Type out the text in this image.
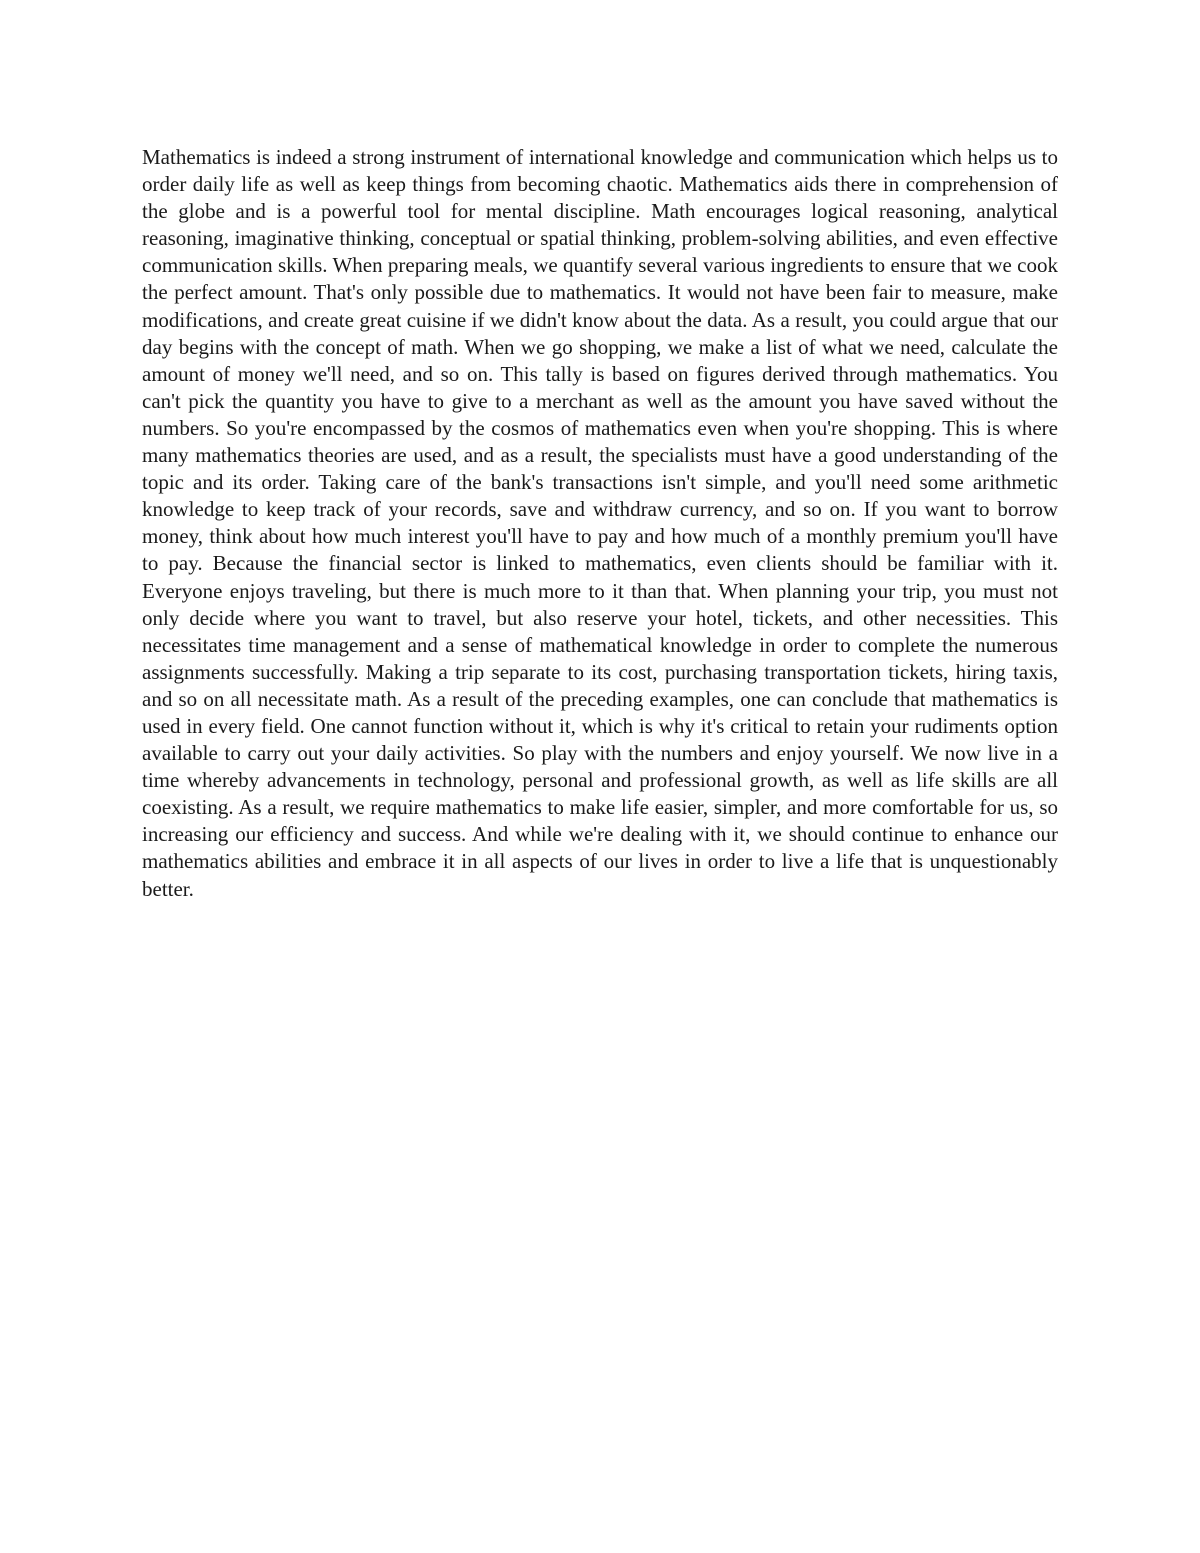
Mathematics is indeed a strong instrument of international knowledge and communication which helps us to order daily life as well as keep things from becoming chaotic. Mathematics aids there in comprehension of the globe and is a powerful tool for mental discipline. Math encourages logical reasoning, analytical reasoning, imaginative thinking, conceptual or spatial thinking, problem-solving abilities, and even effective communication skills. When preparing meals, we quantify several various ingredients to ensure that we cook the perfect amount. That's only possible due to mathematics. It would not have been fair to measure, make modifications, and create great cuisine if we didn't know about the data. As a result, you could argue that our day begins with the concept of math. When we go shopping, we make a list of what we need, calculate the amount of money we'll need, and so on. This tally is based on figures derived through mathematics. You can't pick the quantity you have to give to a merchant as well as the amount you have saved without the numbers. So you're encompassed by the cosmos of mathematics even when you're shopping. This is where many mathematics theories are used, and as a result, the specialists must have a good understanding of the topic and its order. Taking care of the bank's transactions isn't simple, and you'll need some arithmetic knowledge to keep track of your records, save and withdraw currency, and so on. If you want to borrow money, think about how much interest you'll have to pay and how much of a monthly premium you'll have to pay. Because the financial sector is linked to mathematics, even clients should be familiar with it. Everyone enjoys traveling, but there is much more to it than that. When planning your trip, you must not only decide where you want to travel, but also reserve your hotel, tickets, and other necessities. This necessitates time management and a sense of mathematical knowledge in order to complete the numerous assignments successfully. Making a trip separate to its cost, purchasing transportation tickets, hiring taxis, and so on all necessitate math. As a result of the preceding examples, one can conclude that mathematics is used in every field. One cannot function without it, which is why it's critical to retain your rudiments option available to carry out your daily activities. So play with the numbers and enjoy yourself. We now live in a time whereby advancements in technology, personal and professional growth, as well as life skills are all coexisting. As a result, we require mathematics to make life easier, simpler, and more comfortable for us, so increasing our efficiency and success. And while we're dealing with it, we should continue to enhance our mathematics abilities and embrace it in all aspects of our lives in order to live a life that is unquestionably better.
